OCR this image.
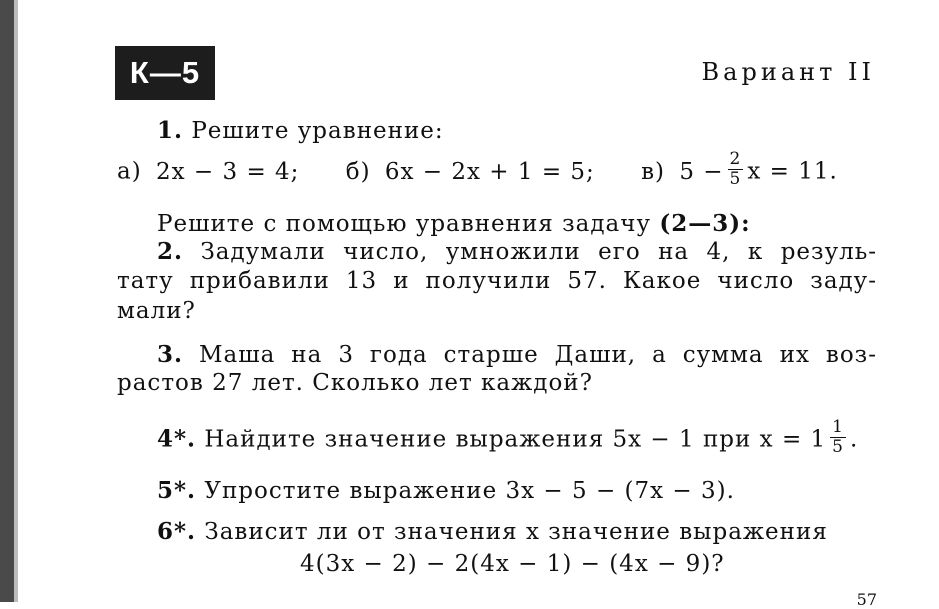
К—5	Вариант II
1. Решите уравнение:
а) 2x − 3 = 4; б) 6x − 2x + 1 = 5; в) $5 - \frac{2}{5}$ x = 11.
Решите с помощью уравнения задачу (2—3):
2. Задумали число, умножили его на 4, к резуль-
тату прибавили 13 и получили 57. Какое число заду-
мали?
3. Маша на 3 года старше Даши, а сумма их воз-
растов 27 лет. Сколько лет каждой?
4*. Найдите значение выражения 5x − 1 при $x = 1 \frac{1}{5}$ .
5*. Упростите выражение 3x − 5 − (7x − 3).
6*. Зависит ли от значения x значение выражения
4(3x − 2) − 2(4x − 1) − (4x − 9)?
57
